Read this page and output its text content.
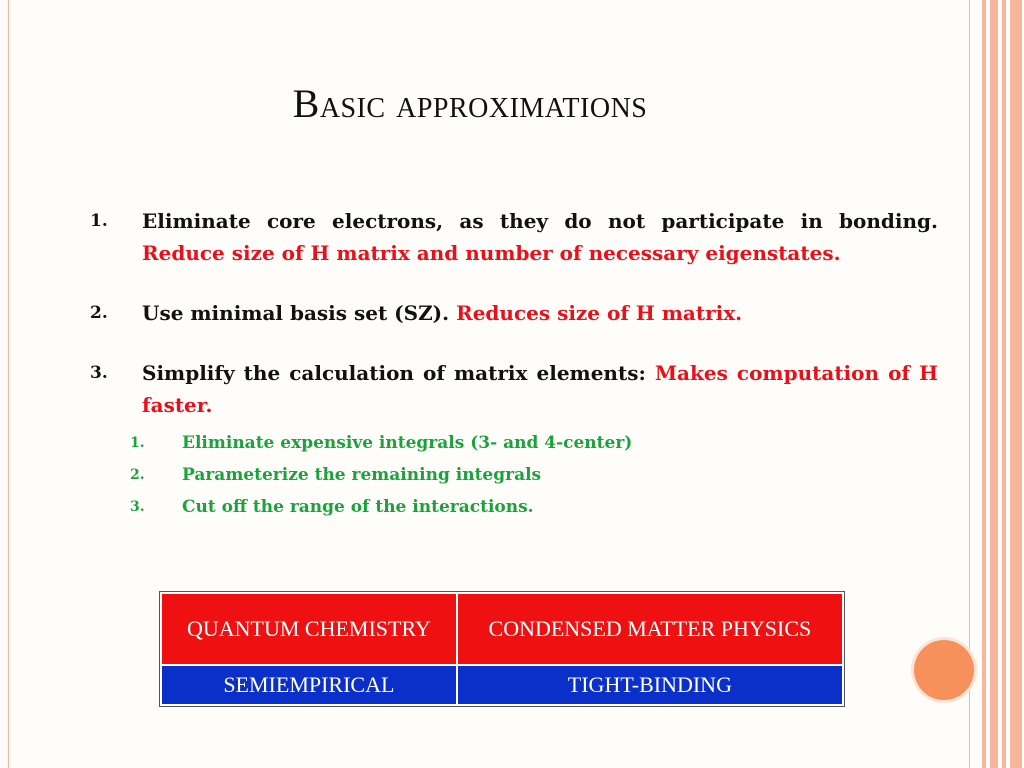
Basic approximations
1. Eliminate core electrons, as they do not participate in bonding. Reduce size of H matrix and number of necessary eigenstates.
2. Use minimal basis set (SZ). Reduces size of H matrix.
3. Simplify the calculation of matrix elements: Makes computation of H faster.
1. Eliminate expensive integrals (3- and 4-center)
2. Parameterize the remaining integrals
3. Cut off the range of the interactions.
QUANTUM CHEMISTRY	CONDENSED MATTER PHYSICS
SEMIEMPIRICAL	TIGHT-BINDING
